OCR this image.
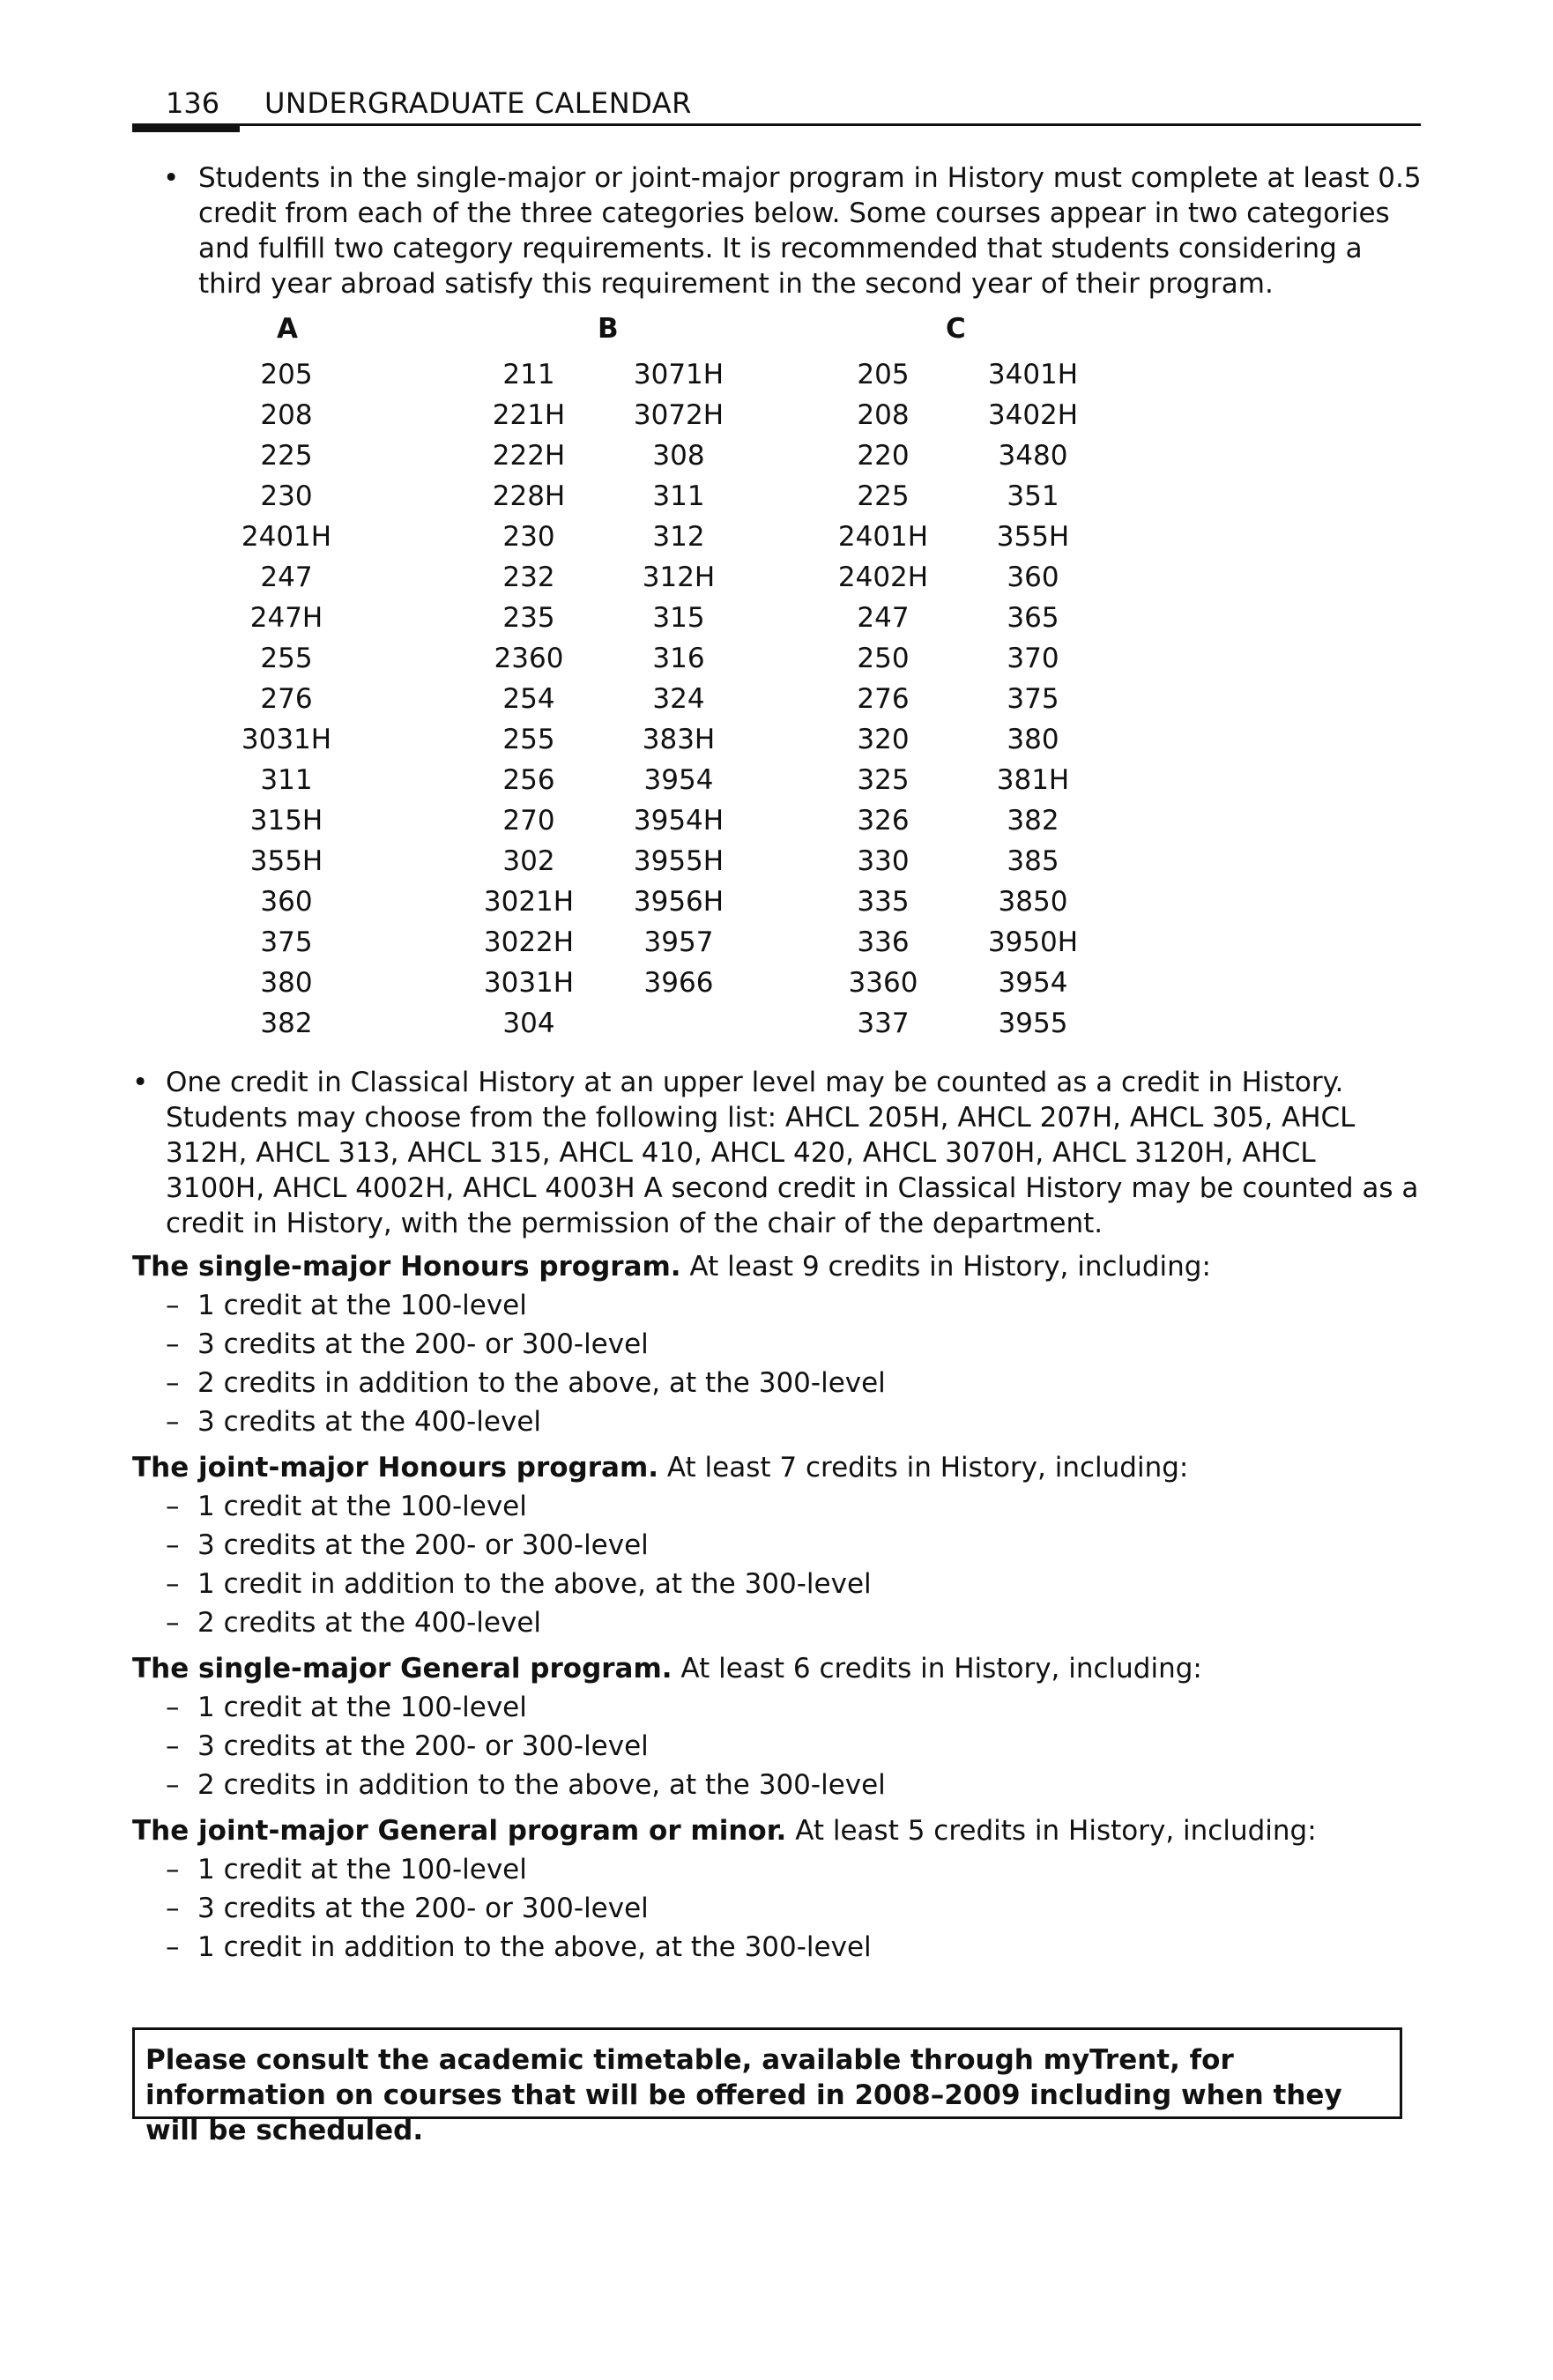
136 UNDERGRADUATE CALENDAR
• Students in the single-major or joint-major program in History must complete at least 0.5 credit from each of the three categories below. Some courses appear in two categories and fulfill two category requirements. It is recommended that students considering a third year abroad satisfy this requirement in the second year of their program.
A	B	C
205
208
225
230
2401H
247
247H
255
276
3031H
311
315H
355H
360
375
380
382
211
221H
222H
228H
230
232
235
2360
254
255
256
270
302
3021H
3022H
3031H
304
3071H
3072H
308
311
312
312H
315
316
324
383H
3954
3954H
3955H
3956H
3957
3966
205
208
220
225
2401H
2402H
247
250
276
320
325
326
330
335
336
3360
337
3401H
3402H
3480
351
355H
360
365
370
375
380
381H
382
385
3850
3950H
3954
3955
• One credit in Classical History at an upper level may be counted as a credit in History. Students may choose from the following list: AHCL 205H, AHCL 207H, AHCL 305, AHCL 312H, AHCL 313, AHCL 315, AHCL 410, AHCL 420, AHCL 3070H, AHCL 3120H, AHCL 3100H, AHCL 4002H, AHCL 4003H A second credit in Classical History may be counted as a credit in History, with the permission of the chair of the department.
The single-major Honours program. At least 9 credits in History, including:
– 1 credit at the 100-level
– 3 credits at the 200- or 300-level
– 2 credits in addition to the above, at the 300-level
– 3 credits at the 400-level
The joint-major Honours program. At least 7 credits in History, including:
– 1 credit at the 100-level
– 3 credits at the 200- or 300-level
– 1 credit in addition to the above, at the 300-level
– 2 credits at the 400-level
The single-major General program. At least 6 credits in History, including:
– 1 credit at the 100-level
– 3 credits at the 200- or 300-level
– 2 credits in addition to the above, at the 300-level
The joint-major General program or minor. At least 5 credits in History, including:
– 1 credit at the 100-level
– 3 credits at the 200- or 300-level
– 1 credit in addition to the above, at the 300-level
Please consult the academic timetable, available through myTrent, for information on courses that will be offered in 2008–2009 including when they will be scheduled.
